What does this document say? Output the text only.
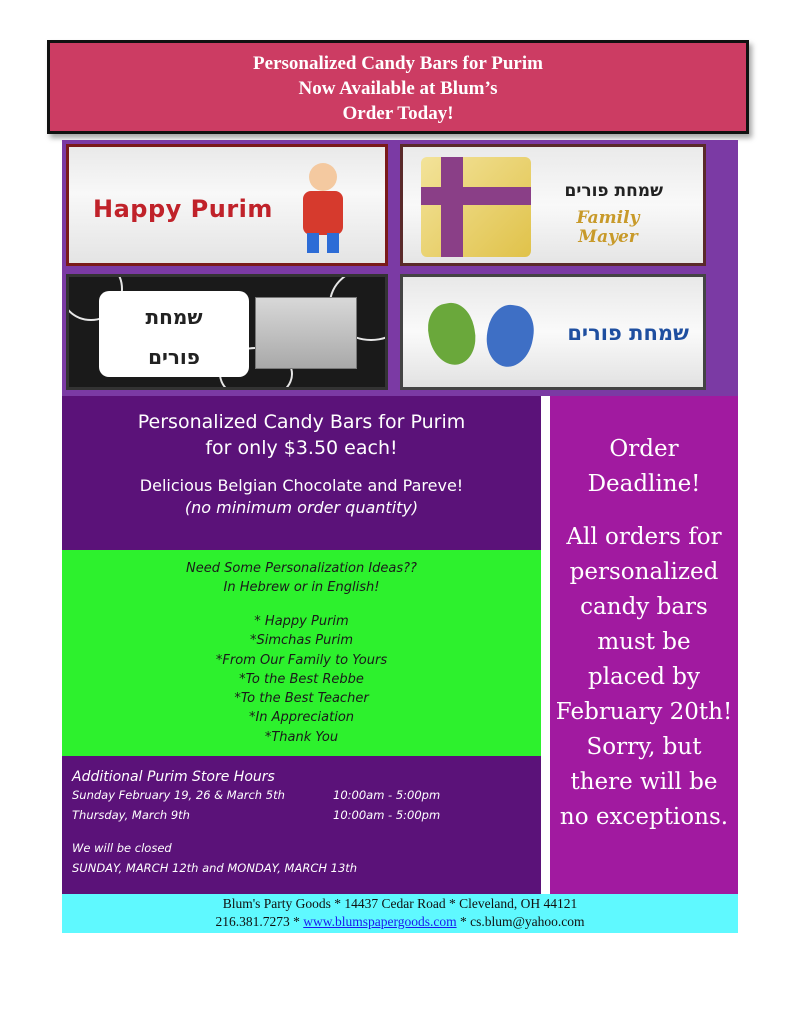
Personalized Candy Bars for Purim
Now Available at Blum’s
Order Today!
Happy Purim
שמחת פורים
Family
Mayer
שמחת
פורים
שמחת פורים
Personalized Candy Bars for Purim
for only $3.50 each!
Delicious Belgian Chocolate and Pareve!
(no minimum order quantity)
Need Some Personalization Ideas??
In Hebrew or in English!
* Happy Purim
*Simchas Purim
*From Our Family to Yours
*To the Best Rebbe
*To the Best Teacher
*In Appreciation
*Thank You
Additional Purim Store Hours
Sunday February 19, 26 & March 5th	10:00am - 5:00pm
Thursday, March 9th	10:00am - 5:00pm
We will be closed
SUNDAY, MARCH 12th and MONDAY, MARCH 13th
Order
Deadline!
All orders for
personalized
candy bars
must be
placed by
February 20th!
Sorry, but
there will be
no exceptions.
Blum's Party Goods * 14437 Cedar Road * Cleveland, OH 44121
216.381.7273 * www.blumspapergoods.com * cs.blum@yahoo.com
